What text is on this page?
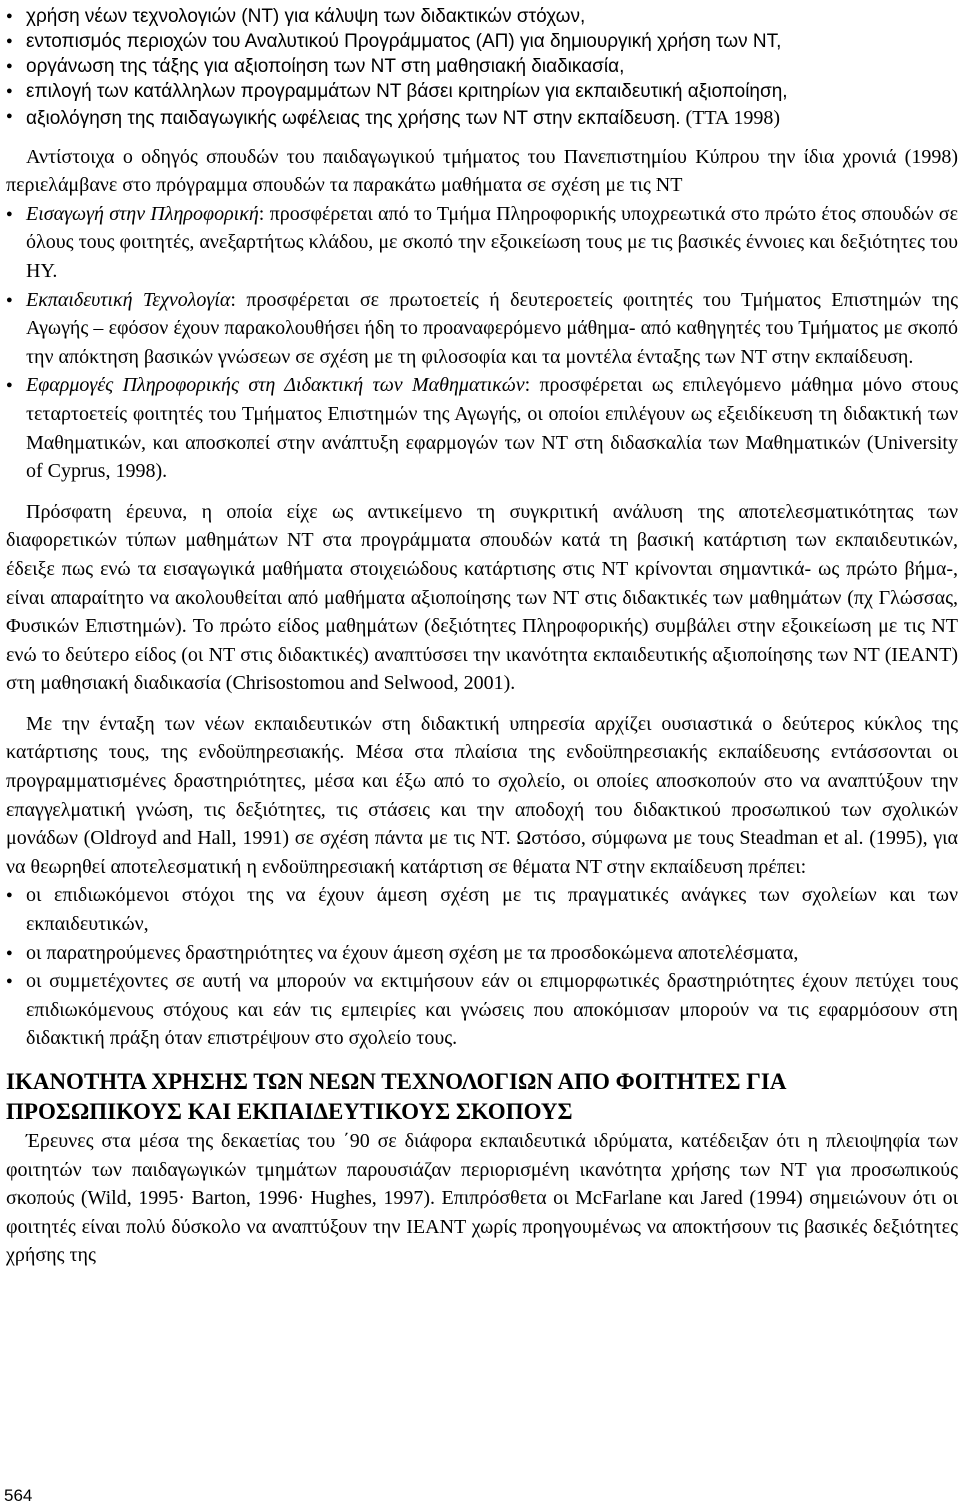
● χρήση νέων τεχνολογιών (ΝΤ) για κάλυψη των διδακτικών στόχων,
● εντοπισμός περιοχών του Αναλυτικού Προγράμματος (ΑΠ) για δημιουργική χρήση των ΝΤ,
● οργάνωση της τάξης για αξιοποίηση των ΝΤ στη μαθησιακή διαδικασία,
● επιλογή των κατάλληλων προγραμμάτων ΝΤ βάσει κριτηρίων για εκπαιδευτική αξιοποίηση,
● αξιολόγηση της παιδαγωγικής ωφέλειας της χρήσης των ΝΤ στην εκπαίδευση. (ΤΤΑ 1998)

Αντίστοιχα ο οδηγός σπουδών του παιδαγωγικού τμήματος του Πανεπιστημίου Κύπρου την ίδια χρονιά (1998) περιελάμβανε στο πρόγραμμα σπουδών τα παρακάτω μαθήματα σε σχέση με τις ΝΤ

● Εισαγωγή στην Πληροφορική: προσφέρεται από το Τμήμα Πληροφορικής υποχρεωτικά στο πρώτο έτος σπουδών σε όλους τους φοιτητές, ανεξαρτήτως κλάδου, με σκοπό την εξοικείωση τους με τις βασικές έννοιες και δεξιότητες του ΗΥ.
● Εκπαιδευτική Τεχνολογία: προσφέρεται σε πρωτοετείς ή δευτεροετείς φοιτητές του Τμήματος Επιστημών της Αγωγής – εφόσον έχουν παρακολουθήσει ήδη το προαναφερόμενο μάθημα- από καθηγητές του Τμήματος με σκοπό την απόκτηση βασικών γνώσεων σε σχέση με τη φιλοσοφία και τα μοντέλα ένταξης των ΝΤ στην εκπαίδευση.
● Εφαρμογές Πληροφορικής στη Διδακτική των Μαθηματικών: προσφέρεται ως επιλεγόμενο μάθημα μόνο στους τεταρτοετείς φοιτητές του Τμήματος Επιστημών της Αγωγής, οι οποίοι επιλέγουν ως εξειδίκευση τη διδακτική των Μαθηματικών, και αποσκοπεί στην ανάπτυξη εφαρμογών των ΝΤ στη διδασκαλία των Μαθηματικών (University of Cyprus, 1998).

Πρόσφατη έρευνα, η οποία είχε ως αντικείμενο τη συγκριτική ανάλυση της αποτελεσματικότητας των διαφορετικών τύπων μαθημάτων ΝΤ στα προγράμματα σπουδών κατά τη βασική κατάρτιση των εκπαιδευτικών, έδειξε πως ενώ τα εισαγωγικά μαθήματα στοιχειώδους κατάρτισης στις ΝΤ κρίνονται σημαντικά- ως πρώτο βήμα-, είναι απαραίτητο να ακολουθείται από μαθήματα αξιοποίησης των ΝΤ στις διδακτικές των μαθημάτων (πχ Γλώσσας, Φυσικών Επιστημών). Το πρώτο είδος μαθημάτων (δεξιότητες Πληροφορικής) συμβάλει στην εξοικείωση με τις ΝΤ ενώ το δεύτερο είδος (οι ΝΤ στις διδακτικές) αναπτύσσει την ικανότητα εκπαιδευτικής αξιοποίησης των ΝΤ (ΙΕΑΝΤ) στη μαθησιακή διαδικασία (Chrisostomou and Selwood, 2001).

Με την ένταξη των νέων εκπαιδευτικών στη διδακτική υπηρεσία αρχίζει ουσιαστικά ο δεύτερος κύκλος της κατάρτισης τους, της ενδοϋπηρεσιακής. Μέσα στα πλαίσια της ενδοϋπηρεσιακής εκπαίδευσης εντάσσονται οι προγραμματισμένες δραστηριότητες, μέσα και έξω από το σχολείο, οι οποίες αποσκοπούν στο να αναπτύξουν την επαγγελματική γνώση, τις δεξιότητες, τις στάσεις και την αποδοχή του διδακτικού προσωπικού των σχολικών μονάδων (Oldroyd and Hall, 1991) σε σχέση πάντα με τις ΝΤ. Ωστόσο, σύμφωνα με τους Steadman et al. (1995), για να θεωρηθεί αποτελεσματική η ενδοϋπηρεσιακή κατάρτιση σε θέματα ΝΤ στην εκπαίδευση πρέπει:

● οι επιδιωκόμενοι στόχοι της να έχουν άμεση σχέση με τις πραγματικές ανάγκες των σχολείων και των εκπαιδευτικών,
● οι παρατηρούμενες δραστηριότητες να έχουν άμεση σχέση με τα προσδοκώμενα αποτελέσματα,
● οι συμμετέχοντες σε αυτή να μπορούν να εκτιμήσουν εάν οι επιμορφωτικές δραστηριότητες έχουν πετύχει τους επιδιωκόμενους στόχους και εάν τις εμπειρίες και γνώσεις που αποκόμισαν μπορούν να τις εφαρμόσουν στη διδακτική πράξη όταν επιστρέψουν στο σχολείο τους.
ΙΚΑΝΟΤΗΤΑ ΧΡΗΣΗΣ ΤΩΝ ΝΕΩΝ ΤΕΧΝΟΛΟΓΙΩΝ ΑΠΟ ΦΟΙΤΗΤΕΣ ΓΙΑ
ΠΡΟΣΩΠΙΚΟΥΣ ΚΑΙ ΕΚΠΑΙΔΕΥΤΙΚΟΥΣ ΣΚΟΠΟΥΣ

Έρευνες στα μέσα της δεκαετίας του ΄90 σε διάφορα εκπαιδευτικά ιδρύματα, κατέδειξαν ότι η πλειοψηφία των φοιτητών των παιδαγωγικών τμημάτων παρουσιάζαν περιορισμένη ικανότητα χρήσης των ΝΤ για προσωπικούς σκοπούς (Wild, 1995· Barton, 1996· Hughes, 1997). Επιπρόσθετα οι McFarlane και Jared (1994) σημειώνουν ότι οι φοιτητές είναι πολύ δύσκολο να αναπτύξουν την ΙΕΑΝΤ χωρίς προηγουμένως να αποκτήσουν τις βασικές δεξιότητες χρήσης της

564
